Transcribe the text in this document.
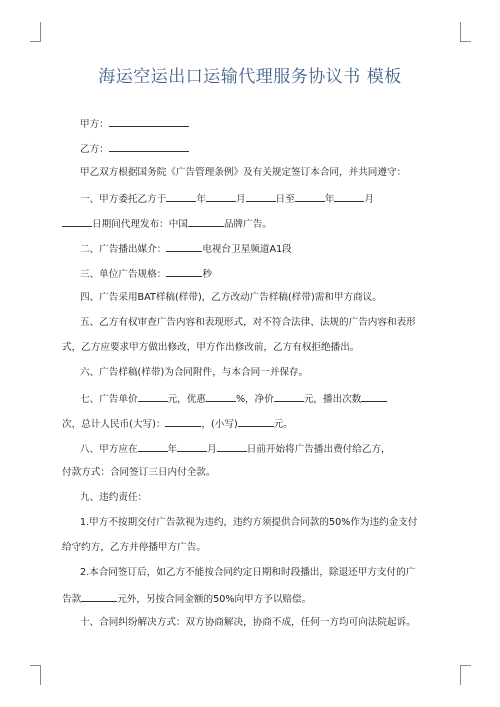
海运空运出口运输代理服务协议书 模板
甲方：
乙方：
甲乙双方根据国务院《广告管理条例》及有关规定签订本合同，并共同遵守：
一、甲方委托乙方于	年	月	日至	年	月
日期间代理发布：中国	品牌广告。
二、广告播出媒介：	电视台卫星频道A1段
三、单位广告规格：	秒
四、广告采用BAT样稿(样带)，乙方改动广告样稿(样带)需和甲方商议。
五、乙方有权审查广告内容和表现形式，对不符合法律、法规的广告内容和表形
式，乙方应要求甲方做出修改，甲方作出修改前，乙方有权拒绝播出。
六、广告样稿(样带)为合同附件，与本合同一并保存。
七、广告单价	元，优惠	%，净价	元，播出次数
次，总计人民币(大写)：	，(小写)	元。
八、甲方应在	年	月	日前开始将广告播出费付给乙方，
付款方式：合同签订三日内付全款。
九、违约责任：
1.甲方不按期交付广告款视为违约，违约方须提供合同款的50%作为违约金支付
给守约方，乙方并停播甲方广告。
2.本合同签订后，如乙方不能按合同约定日期和时段播出，除退还甲方支付的广
告款	元外，另按合同金额的50%向甲方予以赔偿。
十、合同纠纷解决方式：双方协商解决，协商不成，任何一方均可向法院起诉。
